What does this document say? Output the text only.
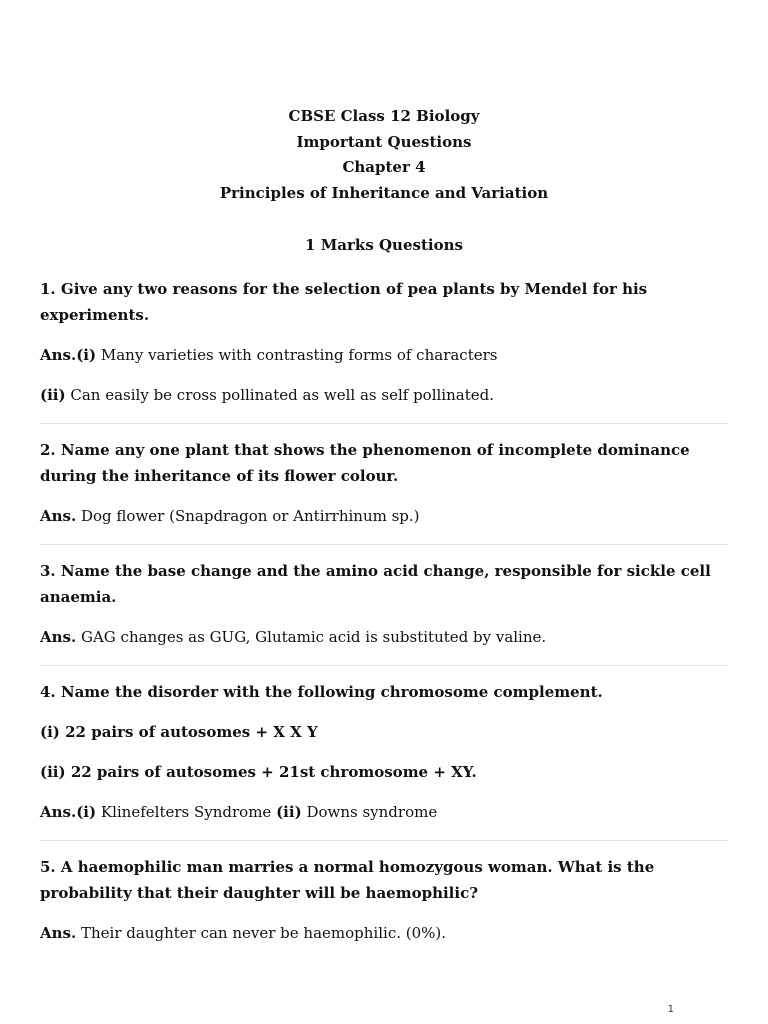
CBSE Class 12 Biology
Important Questions
Chapter 4
Principles of Inheritance and Variation
1 Marks Questions

1. Give any two reasons for the selection of pea plants by Mendel for his experiments.

Ans.(i) Many varieties with contrasting forms of characters

(ii) Can easily be cross pollinated as well as self pollinated.

2. Name any one plant that shows the phenomenon of incomplete dominance during the inheritance of its flower colour.

Ans. Dog flower (Snapdragon or Antirrhinum sp.)

3. Name the base change and the amino acid change, responsible for sickle cell anaemia.

Ans. GAG changes as GUG, Glutamic acid is substituted by valine.

4. Name the disorder with the following chromosome complement.

(i) 22 pairs of autosomes + X X Y

(ii) 22 pairs of autosomes + 21st chromosome + XY.

Ans.(i) Klinefelters Syndrome (ii) Downs syndrome

5. A haemophilic man marries a normal homozygous woman. What is the probability that their daughter will be haemophilic?

Ans. Their daughter can never be haemophilic. (0%).

1
